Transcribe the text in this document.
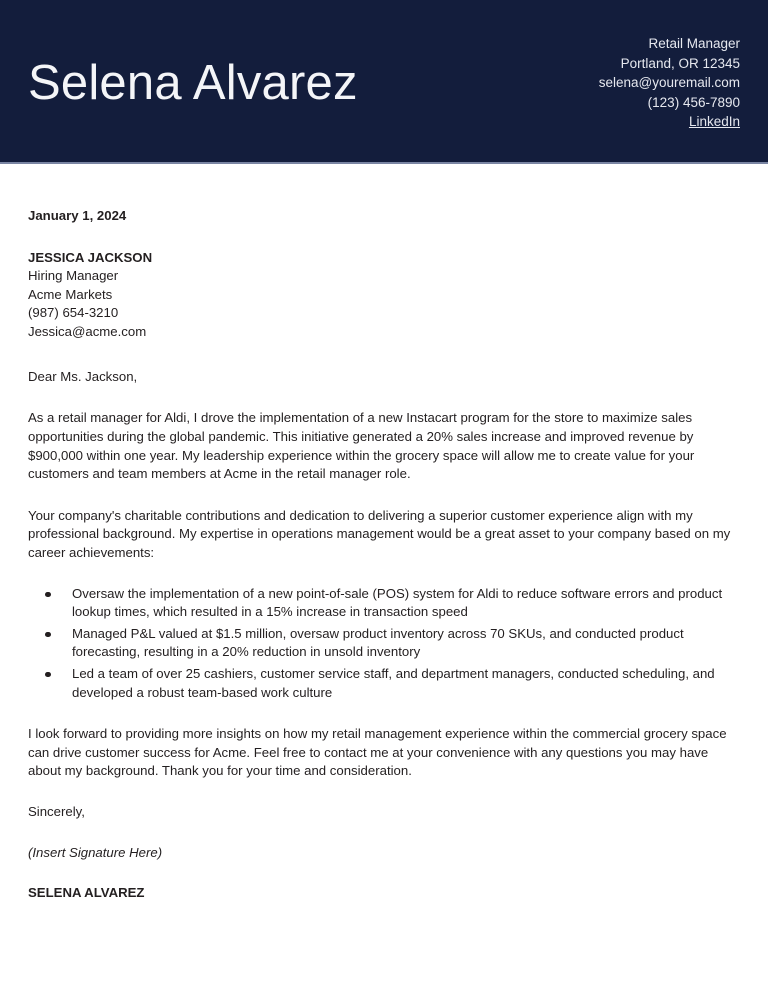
Selena Alvarez
Retail Manager
Portland, OR 12345
selena@youremail.com
(123) 456-7890
LinkedIn
January 1, 2024
JESSICA JACKSON
Hiring Manager
Acme Markets
(987) 654-3210
Jessica@acme.com
Dear Ms. Jackson,

As a retail manager for Aldi, I drove the implementation of a new Instacart program for the store to maximize sales opportunities during the global pandemic. This initiative generated a 20% sales increase and improved revenue by $900,000 within one year. My leadership experience within the grocery space will allow me to create value for your customers and team members at Acme in the retail manager role.

Your company's charitable contributions and dedication to delivering a superior customer experience align with my professional background. My expertise in operations management would be a great asset to your company based on my career achievements:

Oversaw the implementation of a new point-of-sale (POS) system for Aldi to reduce software errors and product lookup times, which resulted in a 15% increase in transaction speed
Managed P&L valued at $1.5 million, oversaw product inventory across 70 SKUs, and conducted product forecasting, resulting in a 20% reduction in unsold inventory
Led a team of over 25 cashiers, customer service staff, and department managers, conducted scheduling, and developed a robust team-based work culture

I look forward to providing more insights on how my retail management experience within the commercial grocery space can drive customer success for Acme. Feel free to contact me at your convenience with any questions you may have about my background. Thank you for your time and consideration.

Sincerely,
(Insert Signature Here)
SELENA ALVAREZ
